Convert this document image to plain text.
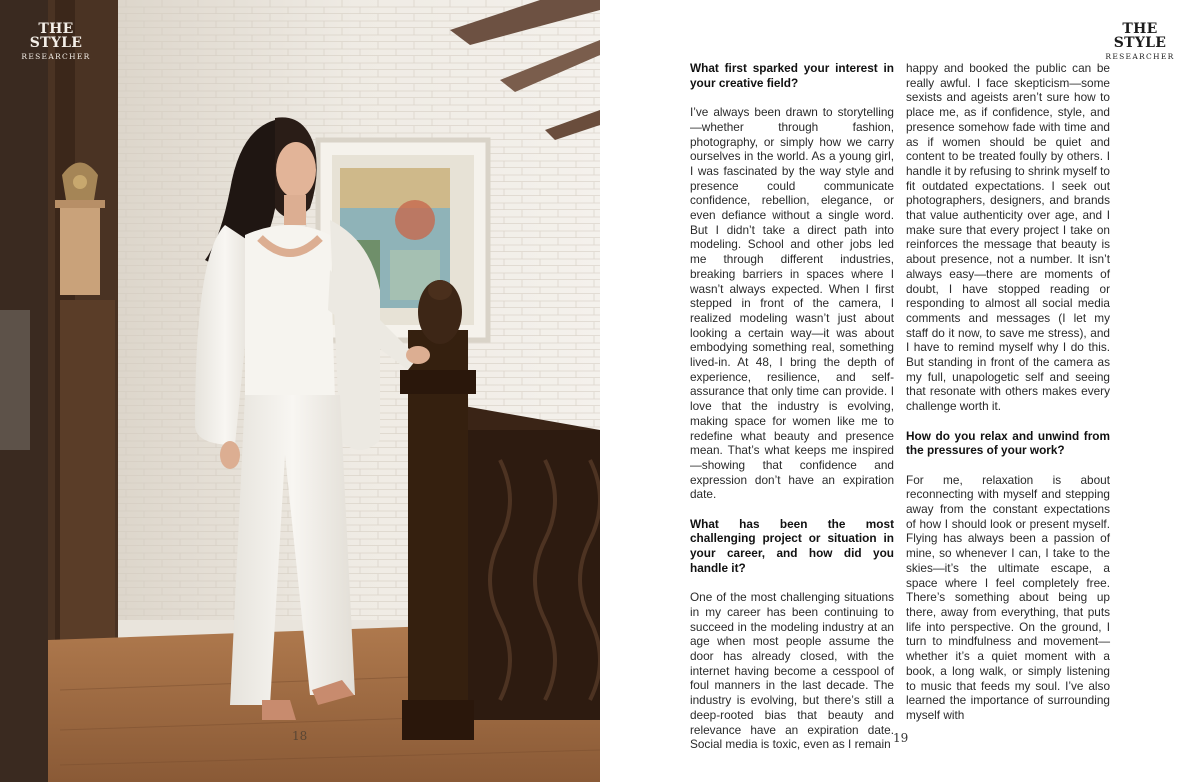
THE STYLE
RESEARCHER
18

What first sparked your interest in your creative field?

I’ve always been drawn to storytelling—whether through fashion, photography, or simply how we carry ourselves in the world. As a young girl, I was fascinated by the way style and presence could communicate confidence, rebellion, elegance, or even defiance without a single word. But I didn’t take a direct path into modeling. School and other jobs led me through different industries, breaking barriers in spaces where I wasn’t always expected. When I first stepped in front of the camera, I realized modeling wasn’t just about looking a certain way—it was about embodying something real, something lived-in. At 48, I bring the depth of experience, resilience, and self-assurance that only time can provide. I love that the industry is evolving, making space for women like me to redefine what beauty and presence mean. That’s what keeps me inspired—showing that confidence and expression don’t have an expiration date.

What has been the most challenging project or situation in your career, and how did you handle it?

One of the most challenging situations in my career has been continuing to succeed in the modeling industry at an age when most people assume the door has already closed, with the internet having become a cesspool of foul manners in the last decade. The industry is evolving, but there’s still a deep-rooted bias that beauty and relevance have an expiration date. Social media is toxic, even as I remain

happy and booked the public can be really awful. I face skepticism—some sexists and ageists aren’t sure how to place me, as if confidence, style, and presence somehow fade with time and as if women should be quiet and content to be treated foully by others. I handle it by refusing to shrink myself to fit outdated expectations. I seek out photographers, designers, and brands that value authenticity over age, and I make sure that every project I take on reinforces the message that beauty is about presence, not a number. It isn’t always easy—there are moments of doubt, I have stopped reading or responding to almost all social media comments and messages (I let my staff do it now, to save me stress), and I have to remind myself why I do this. But standing in front of the camera as my full, unapologetic self and seeing that resonate with others makes every challenge worth it.

How do you relax and unwind from the pressures of your work?

For me, relaxation is about reconnecting with myself and stepping away from the constant expectations of how I should look or present myself. Flying has always been a passion of mine, so whenever I can, I take to the skies—it’s the ultimate escape, a space where I feel completely free. There’s something about being up there, away from everything, that puts life into perspective. On the ground, I turn to mindfulness and movement—whether it’s a quiet moment with a book, a long walk, or simply listening to music that feeds my soul. I’ve also learned the importance of surrounding myself with

THE STYLE
RESEARCHER
19
